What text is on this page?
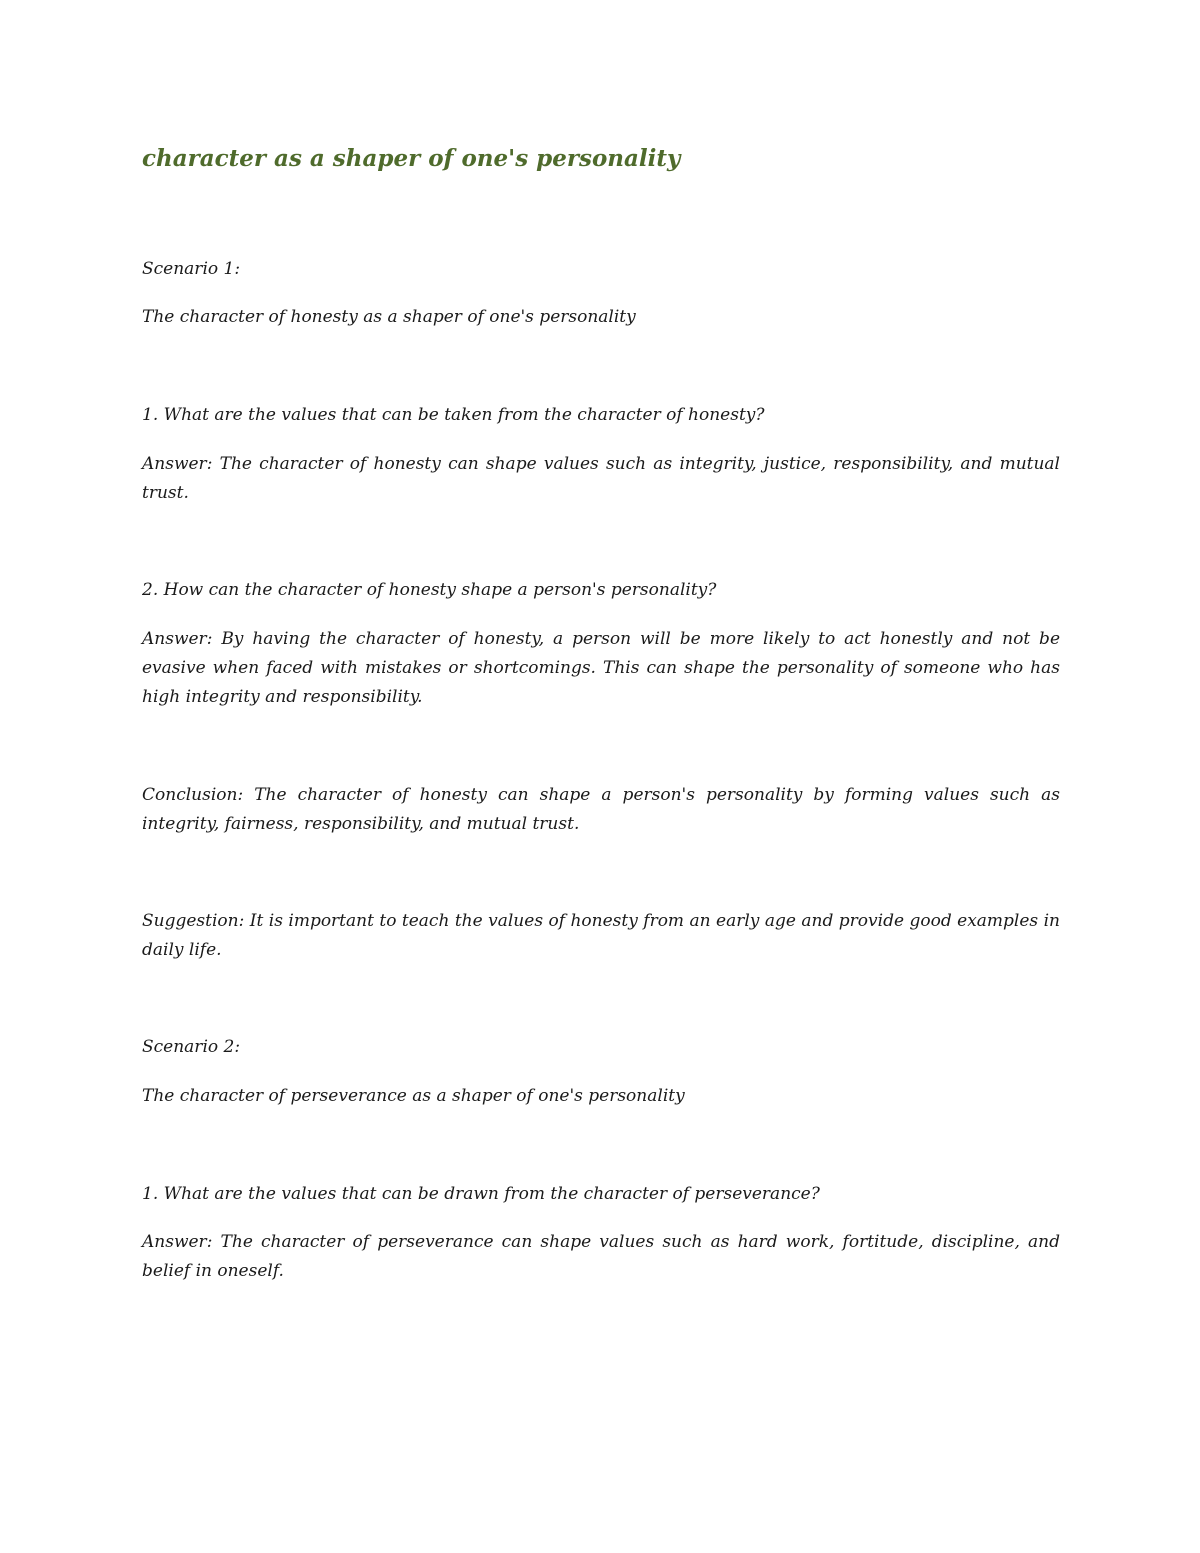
character as a shaper of one's personality

Scenario 1:

The character of honesty as a shaper of one's personality

1. What are the values that can be taken from the character of honesty?

Answer: The character of honesty can shape values such as integrity, justice, responsibility, and mutual trust.

2. How can the character of honesty shape a person's personality?

Answer: By having the character of honesty, a person will be more likely to act honestly and not be evasive when faced with mistakes or shortcomings. This can shape the personality of someone who has high integrity and responsibility.

Conclusion: The character of honesty can shape a person's personality by forming values such as integrity, fairness, responsibility, and mutual trust.

Suggestion: It is important to teach the values of honesty from an early age and provide good examples in daily life.

Scenario 2:

The character of perseverance as a shaper of one's personality

1. What are the values that can be drawn from the character of perseverance?

Answer: The character of perseverance can shape values such as hard work, fortitude, discipline, and belief in oneself.
